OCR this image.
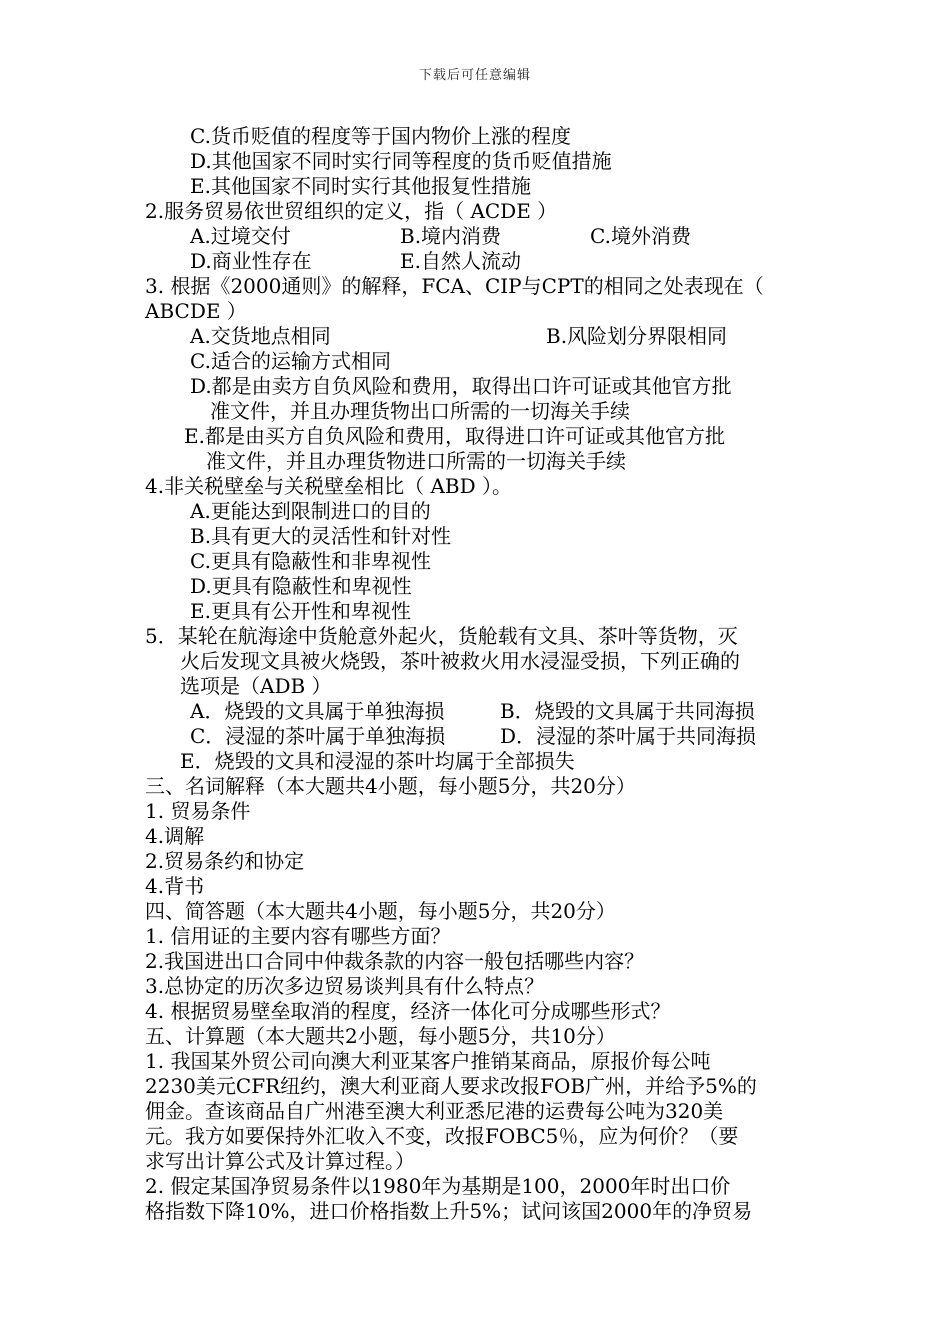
下载后可任意编辑
C.货币贬值的程度等于国内物价上涨的程度
D.其他国家不同时实行同等程度的货币贬值措施
E.其他国家不同时实行其他报复性措施
2.服务贸易依世贸组织的定义，指（ ACDE ）
A.过境交付	B.境内消费	C.境外消费
D.商业性存在	E.自然人流动
3. 根据《2000通则》的解释，FCA、CIP与CPT的相同之处表现在（
ABCDE ）
A.交货地点相同	B.风险划分界限相同
C.适合的运输方式相同
D.都是由卖方自负风险和费用，取得出口许可证或其他官方批
准文件，并且办理货物出口所需的一切海关手续
E.都是由买方自负风险和费用，取得进口许可证或其他官方批
准文件，并且办理货物进口所需的一切海关手续
4.非关税壁垒与关税壁垒相比（ ABD ）。
A.更能达到限制进口的目的
B.具有更大的灵活性和针对性
C.更具有隐蔽性和非卑视性
D.更具有隐蔽性和卑视性
E.更具有公开性和卑视性
5．某轮在航海途中货舱意外起火，货舱载有文具、茶叶等货物，灭
火后发现文具被火烧毁，茶叶被救火用水浸湿受损，下列正确的
选项是（ADB ）
A．烧毁的文具属于单独海损	B．烧毁的文具属于共同海损
C．浸湿的茶叶属于单独海损	D．浸湿的茶叶属于共同海损
E．烧毁的文具和浸湿的茶叶均属于全部损失
三、名词解释（本大题共4小题，每小题5分，共20分）
1. 贸易条件
4.调解
2.贸易条约和协定
4.背书
四、简答题（本大题共4小题，每小题5分，共20分）
1. 信用证的主要内容有哪些方面？
2.我国进出口合同中仲裁条款的内容一般包括哪些内容？
3.总协定的历次多边贸易谈判具有什么特点？
4. 根据贸易壁垒取消的程度，经济一体化可分成哪些形式？
五、计算题（本大题共2小题，每小题5分，共10分）
1. 我国某外贸公司向澳大利亚某客户推销某商品，原报价每公吨
2230美元CFR纽约，澳大利亚商人要求改报FOB广州，并给予5%的
佣金。查该商品自广州港至澳大利亚悉尼港的运费每公吨为320美
元。我方如要保持外汇收入不变，改报FOBC5％，应为何价？（要
求写出计算公式及计算过程。）
2. 假定某国净贸易条件以1980年为基期是100，2000年时出口价
格指数下降10%，进口价格指数上升5%；试问该国2000年的净贸易
